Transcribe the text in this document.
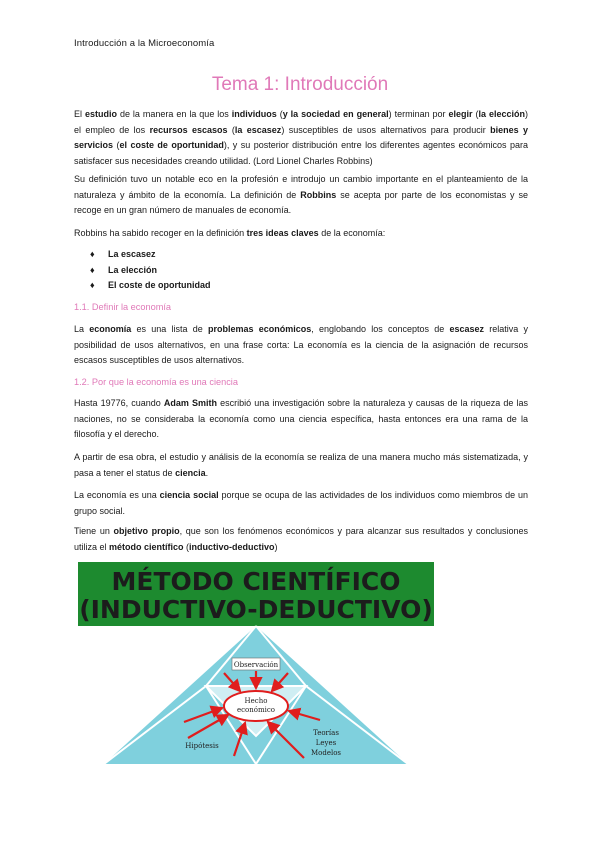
Introducción a la Microeconomía
Tema 1: Introducción

El estudio de la manera en la que los individuos (y la sociedad en general) terminan por elegir (la elección) el empleo de los recursos escasos (la escasez) susceptibles de usos alternativos para producir bienes y servicios (el coste de oportunidad), y su posterior distribución entre los diferentes agentes económicos para satisfacer sus necesidades creando utilidad. (Lord Lionel Charles Robbins)

Su definición tuvo un notable eco en la profesión e introdujo un cambio importante en el planteamiento de la naturaleza y ámbito de la economía. La definición de Robbins se acepta por parte de los economistas y se recoge en un gran número de manuales de economía.

Robbins ha sabido recoger en la definición tres ideas claves de la economía:

♦ La escasez
♦ La elección
♦ El coste de oportunidad
1.1. Definir la economía

La economía es una lista de problemas económicos, englobando los conceptos de escasez relativa y posibilidad de usos alternativos, en una frase corta: La economía es la ciencia de la asignación de recursos escasos susceptibles de usos alternativos.

1.2. Por que la economía es una ciencia

Hasta 19776, cuando Adam Smith escribió una investigación sobre la naturaleza y causas de la riqueza de las naciones, no se consideraba la economía como una ciencia específica, hasta entonces era una rama de la filosofía y el derecho.

A partir de esa obra, el estudio y análisis de la economía se realiza de una manera mucho más sistematizada, y pasa a tener el status de ciencia.

La economía es una ciencia social porque se ocupa de las actividades de los individuos como miembros de un grupo social.

Tiene un objetivo propio, que son los fenómenos económicos y para alcanzar sus resultados y conclusiones utiliza el método científico (inductivo-deductivo)

MÉTODO CIENTÍFICO
(INDUCTIVO-DEDUCTIVO)
Hecho
económico
Observación
Hipótesis
Teorías
Leyes
Modelos
